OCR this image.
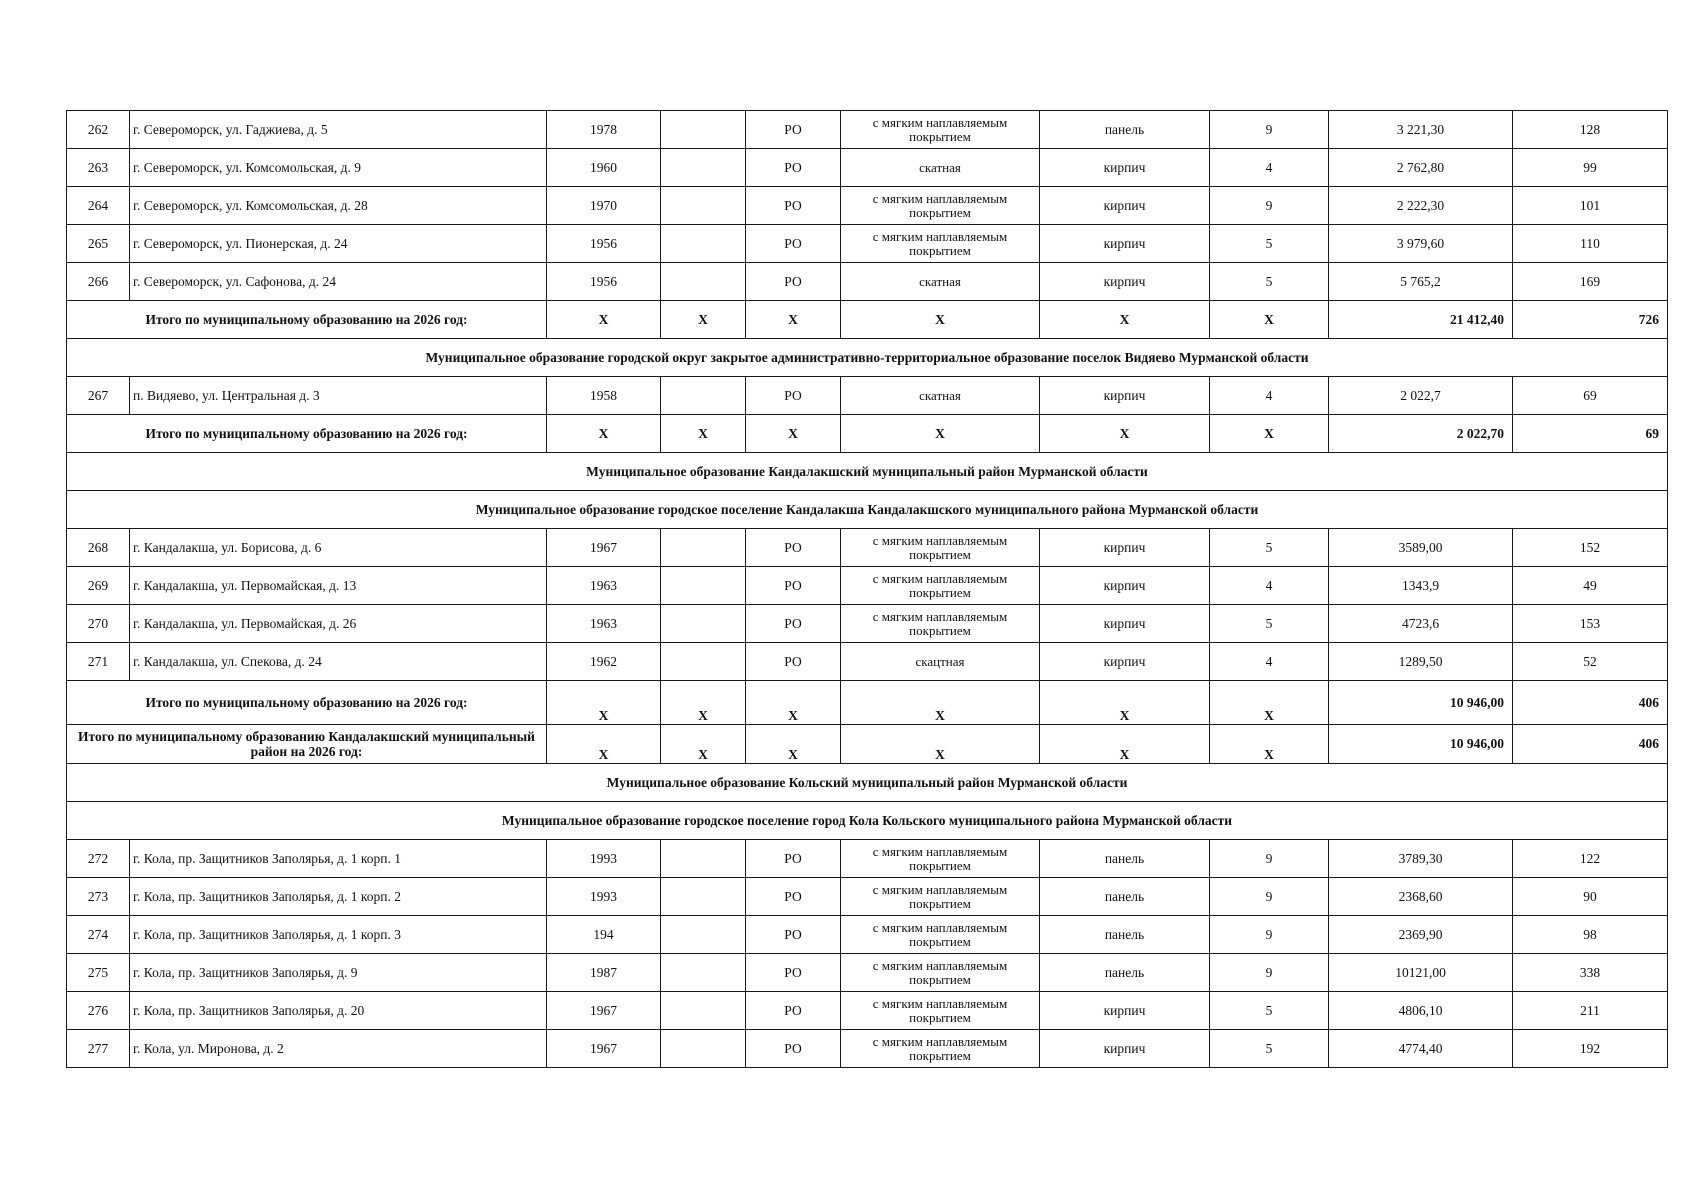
262	г. Североморск, ул. Гаджиева, д. 5	1978		РО	с мягким наплавляемым покрытием	панель	9	3 221,30	128
263	г. Североморск, ул. Комсомольская, д. 9	1960		РО	скатная	кирпич	4	2 762,80	99
264	г. Североморск, ул. Комсомольская, д. 28	1970		РО	с мягким наплавляемым покрытием	кирпич	9	2 222,30	101
265	г. Североморск, ул. Пионерская, д. 24	1956		РО	с мягким наплавляемым покрытием	кирпич	5	3 979,60	110
266	г. Североморск, ул. Сафонова, д. 24	1956		РО	скатная	кирпич	5	5 765,2	169
Итого по муниципальному образованию на 2026 год:		Х	Х	Х	Х	Х	Х	21 412,40	726
Муниципальное образование городской округ закрытое административно-территориальное образование поселок Видяево Мурманской области									
267	п. Видяево, ул. Центральная д. 3	1958		РО	скатная	кирпич	4	2 022,7	69
Итого по муниципальному образованию на 2026 год:		Х	Х	Х	Х	Х	Х	2 022,70	69
Муниципальное образование Кандалакшский муниципальный район Мурманской области									
Муниципальное образование городское поселение Кандалакша Кандалакшского муниципального района Мурманской области									
268	г. Кандалакша, ул. Борисова, д. 6	1967		РО	с мягким наплавляемым покрытием	кирпич	5	3589,00	152
269	г. Кандалакша, ул. Первомайская, д. 13	1963		РО	с мягким наплавляемым покрытием	кирпич	4	1343,9	49
270	г. Кандалакша, ул. Первомайская, д. 26	1963		РО	с мягким наплавляемым покрытием	кирпич	5	4723,6	153
271	г. Кандалакша, ул. Спекова, д. 24	1962		РО	скацтная	кирпич	4	1289,50	52
Итого по муниципальному образованию на 2026 год:		Х	Х	Х	Х	Х	Х	10 946,00	406
Итого по муниципальному образованию Кандалакшский муниципальный район на 2026 год:		Х	Х	Х	Х	Х	Х	10 946,00	406
Муниципальное образование Кольский муниципальный район Мурманской области									
Муниципальное образование городское поселение город Кола Кольского муниципального района Мурманской области									
272	г. Кола, пр. Защитников Заполярья, д. 1 корп. 1	1993		РО	с мягким наплавляемым покрытием	панель	9	3789,30	122
273	г. Кола, пр. Защитников Заполярья, д. 1 корп. 2	1993		РО	с мягким наплавляемым покрытием	панель	9	2368,60	90
274	г. Кола, пр. Защитников Заполярья, д. 1 корп. 3	194		РО	с мягким наплавляемым покрытием	панель	9	2369,90	98
275	г. Кола, пр. Защитников Заполярья, д. 9	1987		РО	с мягким наплавляемым покрытием	панель	9	10121,00	338
276	г. Кола, пр. Защитников Заполярья, д. 20	1967		РО	с мягким наплавляемым покрытием	кирпич	5	4806,10	211
277	г. Кола, ул. Миронова, д. 2	1967		РО	с мягким наплавляемым покрытием	кирпич	5	4774,40	192
